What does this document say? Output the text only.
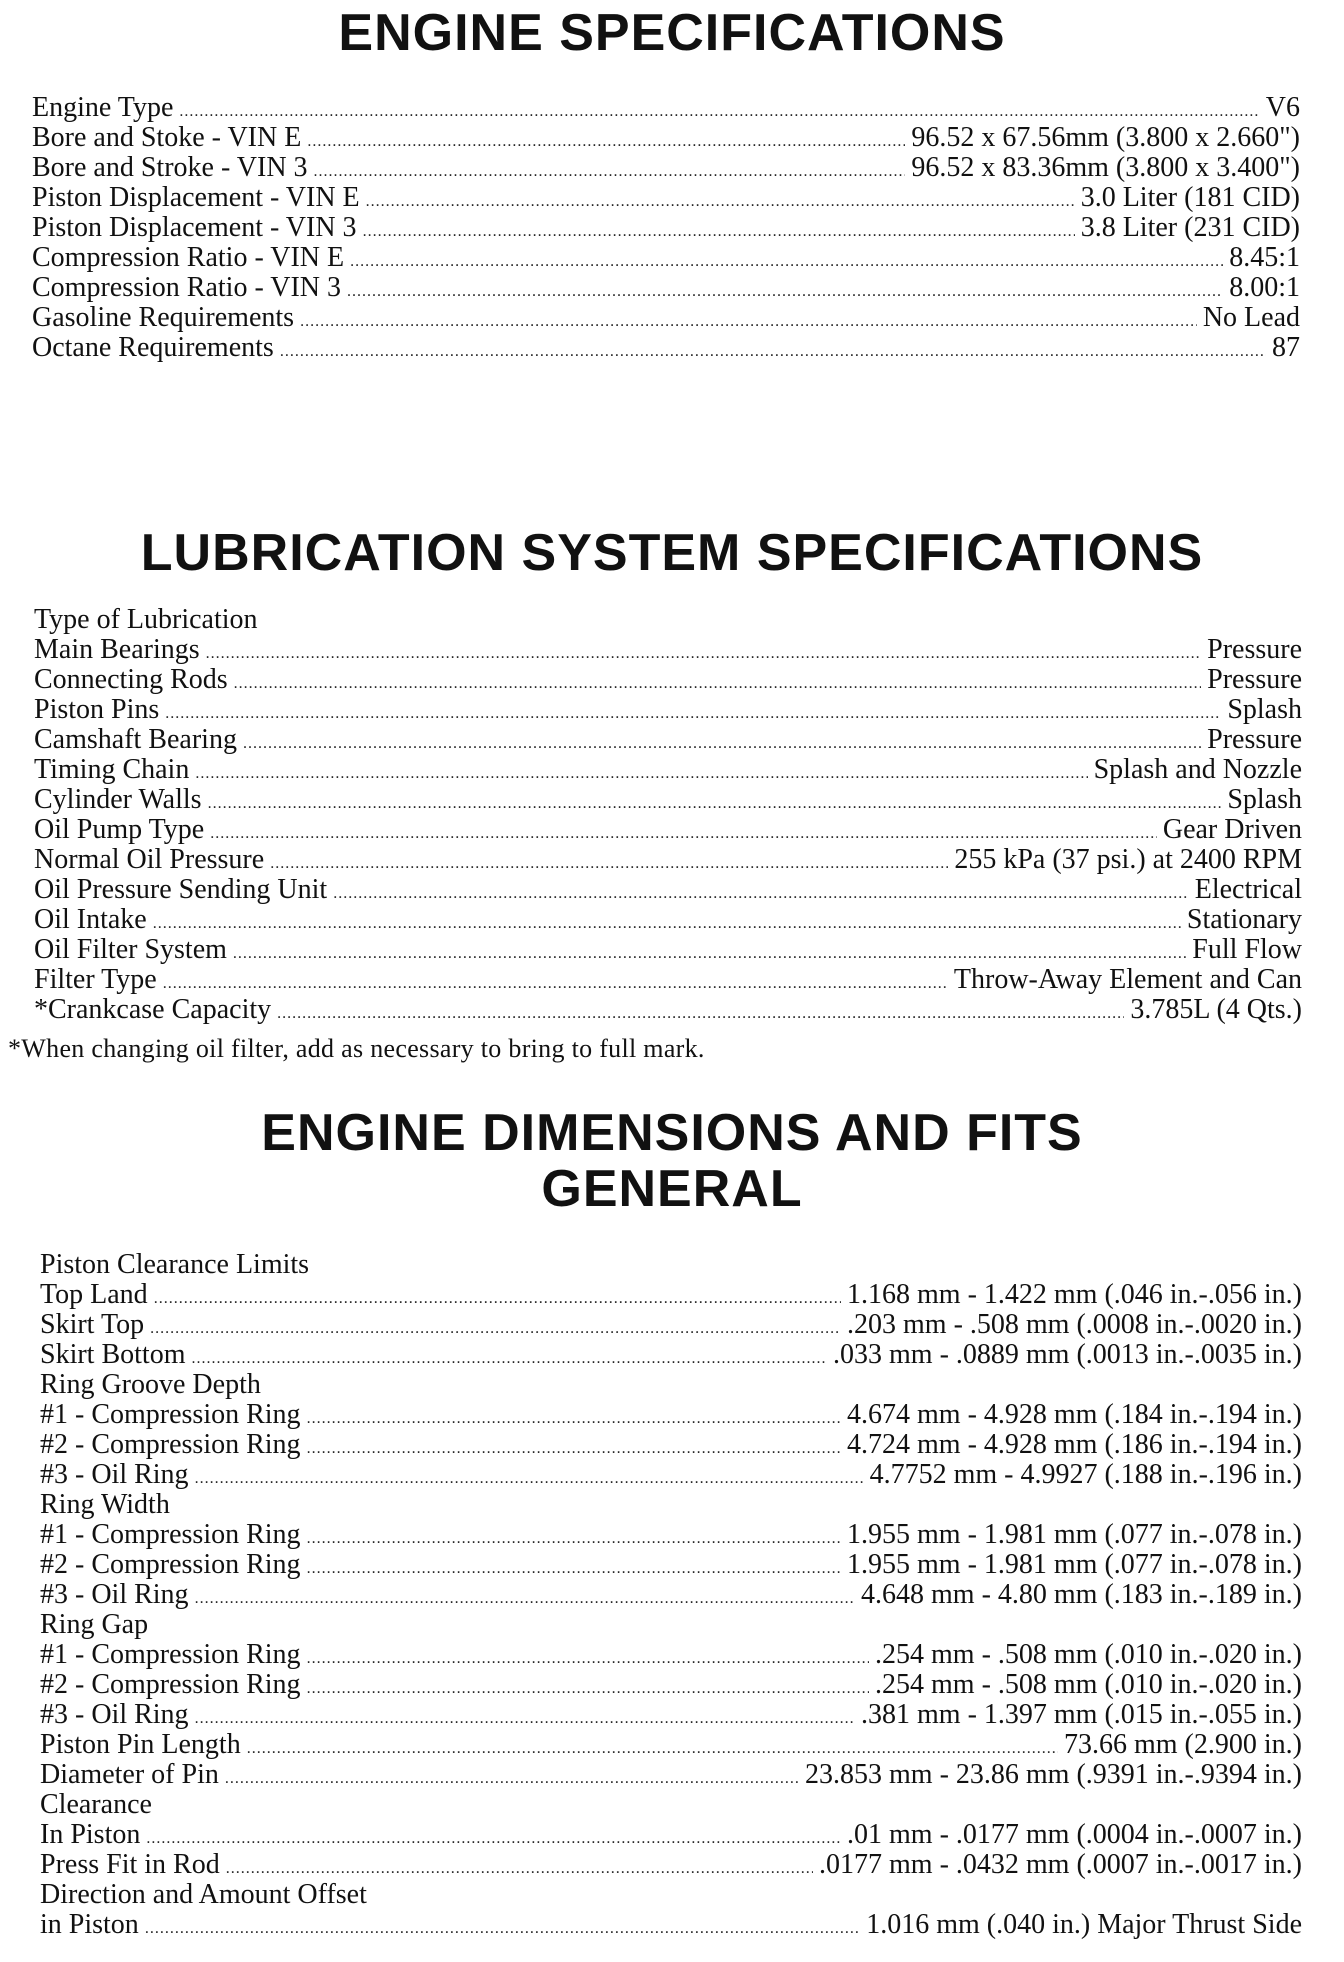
ENGINE SPECIFICATIONS
Engine Type .....	V6
Bore and Stoke - VIN E .....	96.52 x 67.56mm (3.800 x 2.660")
Bore and Stroke - VIN 3 .....	96.52 x 83.36mm (3.800 x 3.400")
Piston Displacement - VIN E .....	3.0 Liter (181 CID)
Piston Displacement - VIN 3 .....	3.8 Liter (231 CID)
Compression Ratio - VIN E .....	8.45:1
Compression Ratio - VIN 3 .....	8.00:1
Gasoline Requirements .....	No Lead
Octane Requirements .....	87
LUBRICATION SYSTEM SPECIFICATIONS
Type of Lubrication
Main Bearings .....	Pressure
Connecting Rods .....	Pressure
Piston Pins .....	Splash
Camshaft Bearing .....	Pressure
Timing Chain .....	Splash and Nozzle
Cylinder Walls .....	Splash
Oil Pump Type .....	Gear Driven
Normal Oil Pressure .....	255 kPa (37 psi.) at 2400 RPM
Oil Pressure Sending Unit .....	Electrical
Oil Intake .....	Stationary
Oil Filter System .....	Full Flow
Filter Type .....	Throw-Away Element and Can
*Crankcase Capacity .....	3.785L (4 Qts.)
*When changing oil filter, add as necessary to bring to full mark.
ENGINE DIMENSIONS AND FITS
GENERAL
Piston Clearance Limits
Top Land .....	1.168 mm - 1.422 mm (.046 in.-.056 in.)
Skirt Top .....	.203 mm - .508 mm (.0008 in.-.0020 in.)
Skirt Bottom .....	.033 mm - .0889 mm (.0013 in.-.0035 in.)
Ring Groove Depth
#1 - Compression Ring .....	4.674 mm - 4.928 mm (.184 in.-.194 in.)
#2 - Compression Ring .....	4.724 mm - 4.928 mm (.186 in.-.194 in.)
#3 - Oil Ring .....	4.7752 mm - 4.9927 (.188 in.-.196 in.)
Ring Width
#1 - Compression Ring .....	1.955 mm - 1.981 mm (.077 in.-.078 in.)
#2 - Compression Ring .....	1.955 mm - 1.981 mm (.077 in.-.078 in.)
#3 - Oil Ring .....	4.648 mm - 4.80 mm (.183 in.-.189 in.)
Ring Gap
#1 - Compression Ring .....	.254 mm - .508 mm (.010 in.-.020 in.)
#2 - Compression Ring .....	.254 mm - .508 mm (.010 in.-.020 in.)
#3 - Oil Ring .....	.381 mm - 1.397 mm (.015 in.-.055 in.)
Piston Pin Length .....	73.66 mm (2.900 in.)
Diameter of Pin .....	23.853 mm - 23.86 mm (.9391 in.-.9394 in.)
Clearance
In Piston .....	.01 mm - .0177 mm (.0004 in.-.0007 in.)
Press Fit in Rod .....	.0177 mm - .0432 mm (.0007 in.-.0017 in.)
Direction and Amount Offset
in Piston .....	1.016 mm (.040 in.) Major Thrust Side
